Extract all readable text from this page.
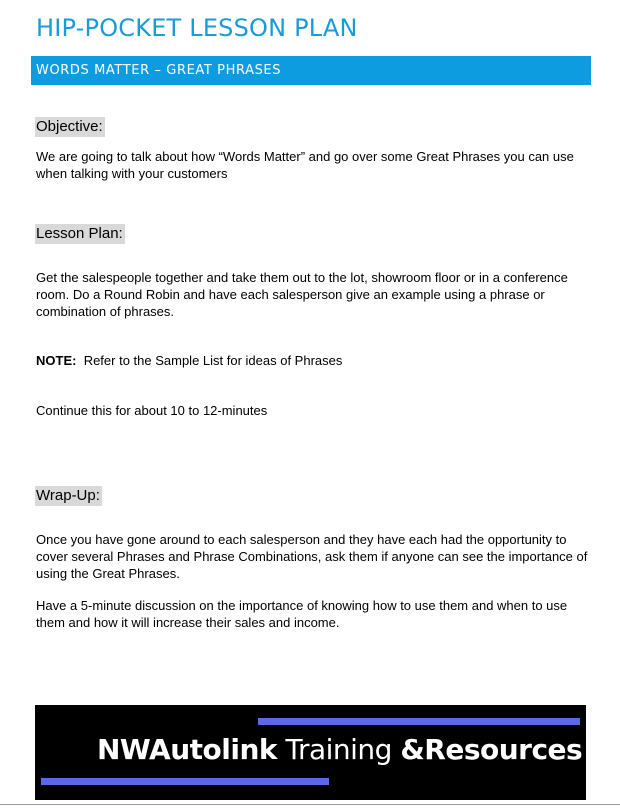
HIP-POCKET LESSON PLAN
WORDS MATTER – GREAT PHRASES
Objective:
We are going to talk about how “Words Matter” and go over some Great Phrases you can use when talking with your customers
Lesson Plan:
Get the salespeople together and take them out to the lot, showroom floor or in a conference room. Do a Round Robin and have each salesperson give an example using a phrase or combination of phrases.
NOTE: Refer to the Sample List for ideas of Phrases
Continue this for about 10 to 12-minutes
Wrap-Up:
Once you have gone around to each salesperson and they have each had the opportunity to cover several Phrases and Phrase Combinations, ask them if anyone can see the importance of using the Great Phrases.
Have a 5-minute discussion on the importance of knowing how to use them and when to use them and how it will increase their sales and income.
NWAutolink Training &Resources
